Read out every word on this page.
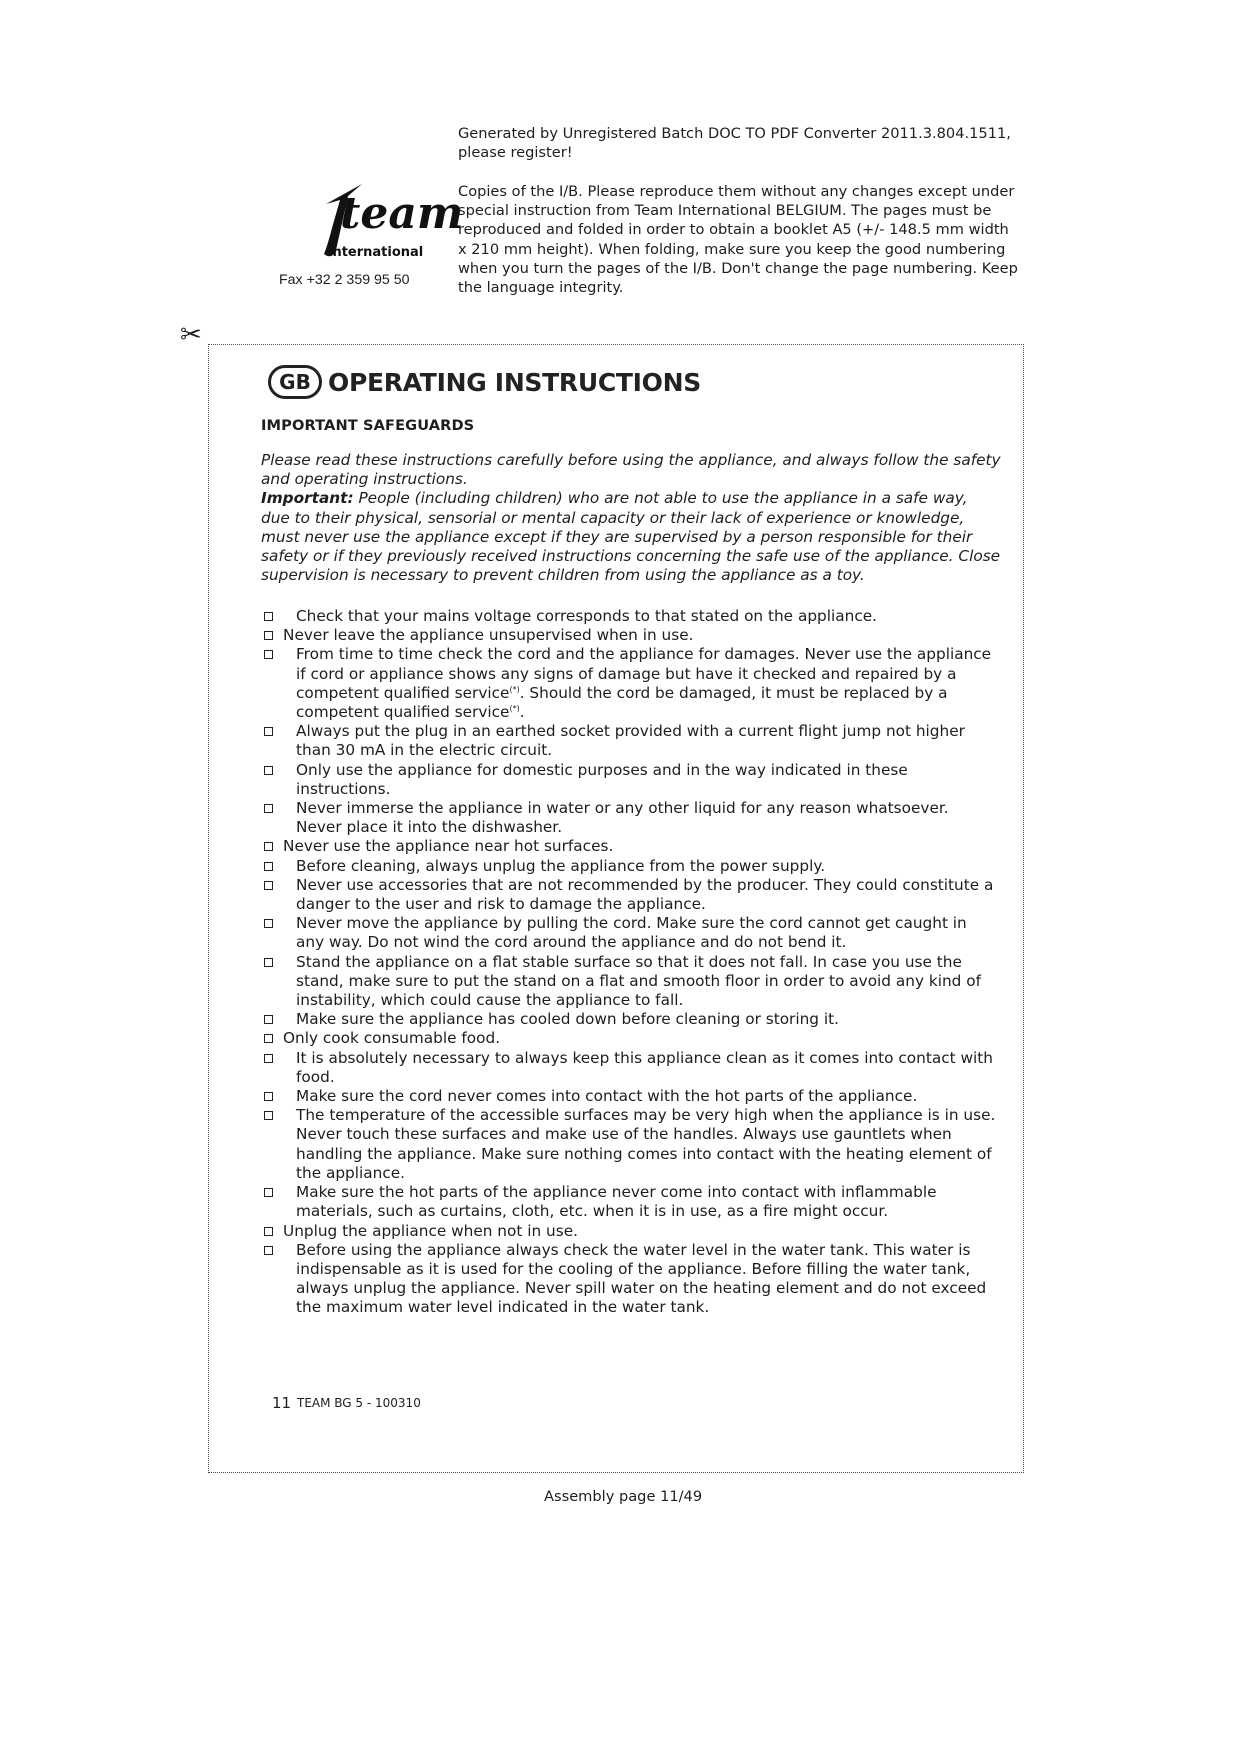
Generated by Unregistered Batch DOC TO PDF Converter 2011.3.804.1511, please register!
team
international
Fax +32 2 359 95 50
Copies of the I/B. Please reproduce them without any changes except under special instruction from Team International BELGIUM. The pages must be reproduced and folded in order to obtain a booklet A5 (+/- 148.5 mm width x 210 mm height). When folding, make sure you keep the good numbering when you turn the pages of the I/B. Don't change the page numbering. Keep the language integrity.
✂
GB OPERATING INSTRUCTIONS
IMPORTANT SAFEGUARDS
Please read these instructions carefully before using the appliance, and always follow the safety and operating instructions.
Important: People (including children) who are not able to use the appliance in a safe way, due to their physical, sensorial or mental capacity or their lack of experience or knowledge, must never use the appliance except if they are supervised by a person responsible for their safety or if they previously received instructions concerning the safe use of the appliance. Close supervision is necessary to prevent children from using the appliance as a toy.
Check that your mains voltage corresponds to that stated on the appliance.
Never leave the appliance unsupervised when in use.
From time to time check the cord and the appliance for damages. Never use the appliance if cord or appliance shows any signs of damage but have it checked and repaired by a competent qualified service(*). Should the cord be damaged, it must be replaced by a competent qualified service(*).
Always put the plug in an earthed socket provided with a current flight jump not higher than 30 mA in the electric circuit.
Only use the appliance for domestic purposes and in the way indicated in these instructions.
Never immerse the appliance in water or any other liquid for any reason whatsoever. Never place it into the dishwasher.
Never use the appliance near hot surfaces.
Before cleaning, always unplug the appliance from the power supply.
Never use accessories that are not recommended by the producer. They could constitute a danger to the user and risk to damage the appliance.
Never move the appliance by pulling the cord. Make sure the cord cannot get caught in any way. Do not wind the cord around the appliance and do not bend it.
Stand the appliance on a flat stable surface so that it does not fall. In case you use the stand, make sure to put the stand on a flat and smooth floor in order to avoid any kind of instability, which could cause the appliance to fall.
Make sure the appliance has cooled down before cleaning or storing it.
Only cook consumable food.
It is absolutely necessary to always keep this appliance clean as it comes into contact with food.
Make sure the cord never comes into contact with the hot parts of the appliance.
The temperature of the accessible surfaces may be very high when the appliance is in use. Never touch these surfaces and make use of the handles. Always use gauntlets when handling the appliance. Make sure nothing comes into contact with the heating element of the appliance.
Make sure the hot parts of the appliance never come into contact with inflammable materials, such as curtains, cloth, etc. when it is in use, as a fire might occur.
Unplug the appliance when not in use.
Before using the appliance always check the water level in the water tank. This water is indispensable as it is used for the cooling of the appliance. Before filling the water tank, always unplug the appliance. Never spill water on the heating element and do not exceed the maximum water level indicated in the water tank.
11 TEAM BG 5 - 100310
Assembly page 11/49
